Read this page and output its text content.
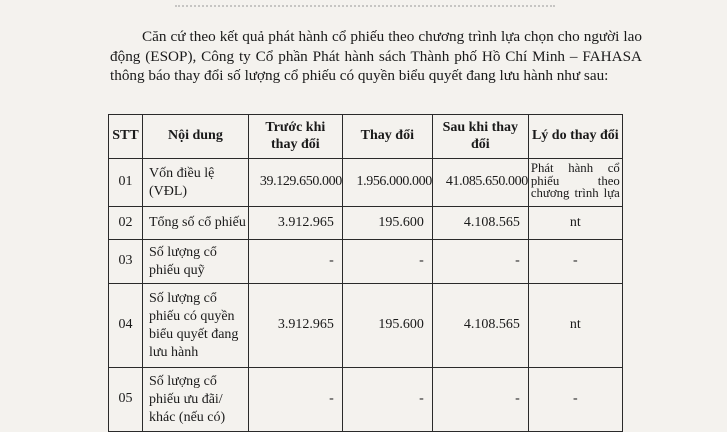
Căn cứ theo kết quả phát hành cổ phiếu theo chương trình lựa chọn cho người lao động (ESOP), Công ty Cổ phần Phát hành sách Thành phố Hồ Chí Minh – FAHASA thông báo thay đổi số lượng cổ phiếu có quyền biểu quyết đang lưu hành như sau:

STT	Nội dung	Trước khi thay đổi	Thay đổi	Sau khi thay đổi	Lý do thay đổi
01	Vốn điều lệ (VĐL)	39.129.650.000	1.956.000.000	41.085.650.000	Phát hành cổ phiếu theo chương trình lựa
02	Tổng số cổ phiếu	3.912.965	195.600	4.108.565	nt
03	Số lượng cổ phiếu quỹ	-	-	-	-
04	Số lượng cổ phiếu có quyền biểu quyết đang lưu hành	3.912.965	195.600	4.108.565	nt
05	Số lượng cổ phiếu ưu đãi/ khác (nếu có)	-	-	-	-
